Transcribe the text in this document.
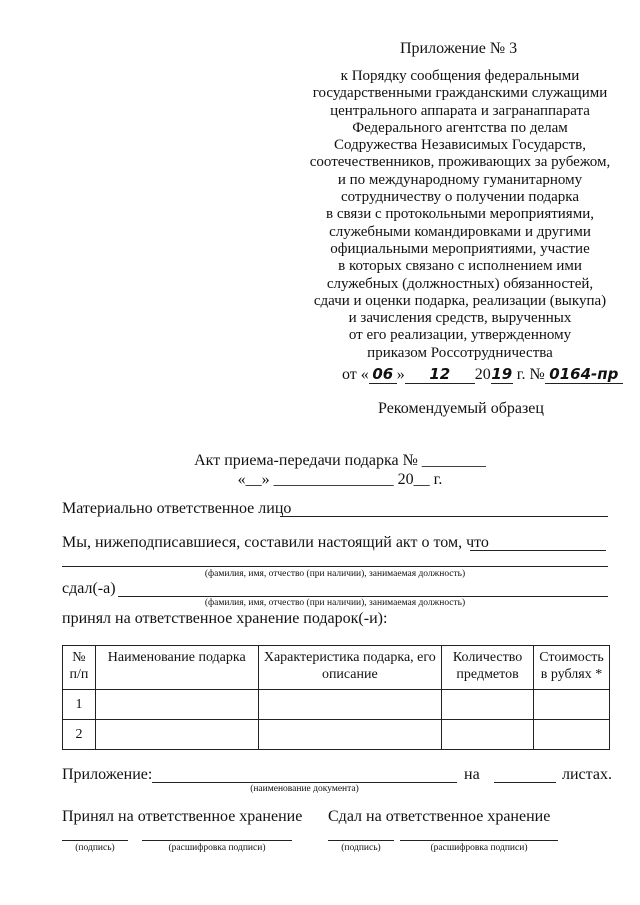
Приложение № 3
к Порядку сообщения федеральными
государственными гражданскими служащими
центрального аппарата и загранаппарата
Федерального агентства по делам
Содружества Независимых Государств,
соотечественников, проживающих за рубежом,
и по международному гуманитарному
сотрудничеству о получении подарка
в связи с протокольными мероприятиями,
служебными командировками и другими
официальными мероприятиями, участие
в которых связано с исполнением ими
служебных (должностных) обязанностей,
сдачи и оценки подарка, реализации (выкупа)
и зачисления средств, вырученных
от его реализации, утвержденному
приказом Россотрудничества
от « 06 » 12 2019 г. № 0164-пр
Рекомендуемый образец
Акт приема-передачи подарка № ________
«__» _______________ 20__ г.
Материально ответственное лицо
Мы, нижеподписавшиеся, составили настоящий акт о том, что
(фамилия, имя, отчество (при наличии), занимаемая должность)
сдал(-а)
(фамилия, имя, отчество (при наличии), занимаемая должность)
принял на ответственное хранение подарок(-и):
№ п/п	Наименование подарка	Характеристика подарка, его описание	Количество предметов	Стоимость в рублях *
1				
2				
Приложение:
(наименование документа)
на	листах.
Принял на ответственное хранение Сдал на ответственное хранение
(подпись)	(расшифровка подписи)	(подпись)	(расшифровка подписи)
